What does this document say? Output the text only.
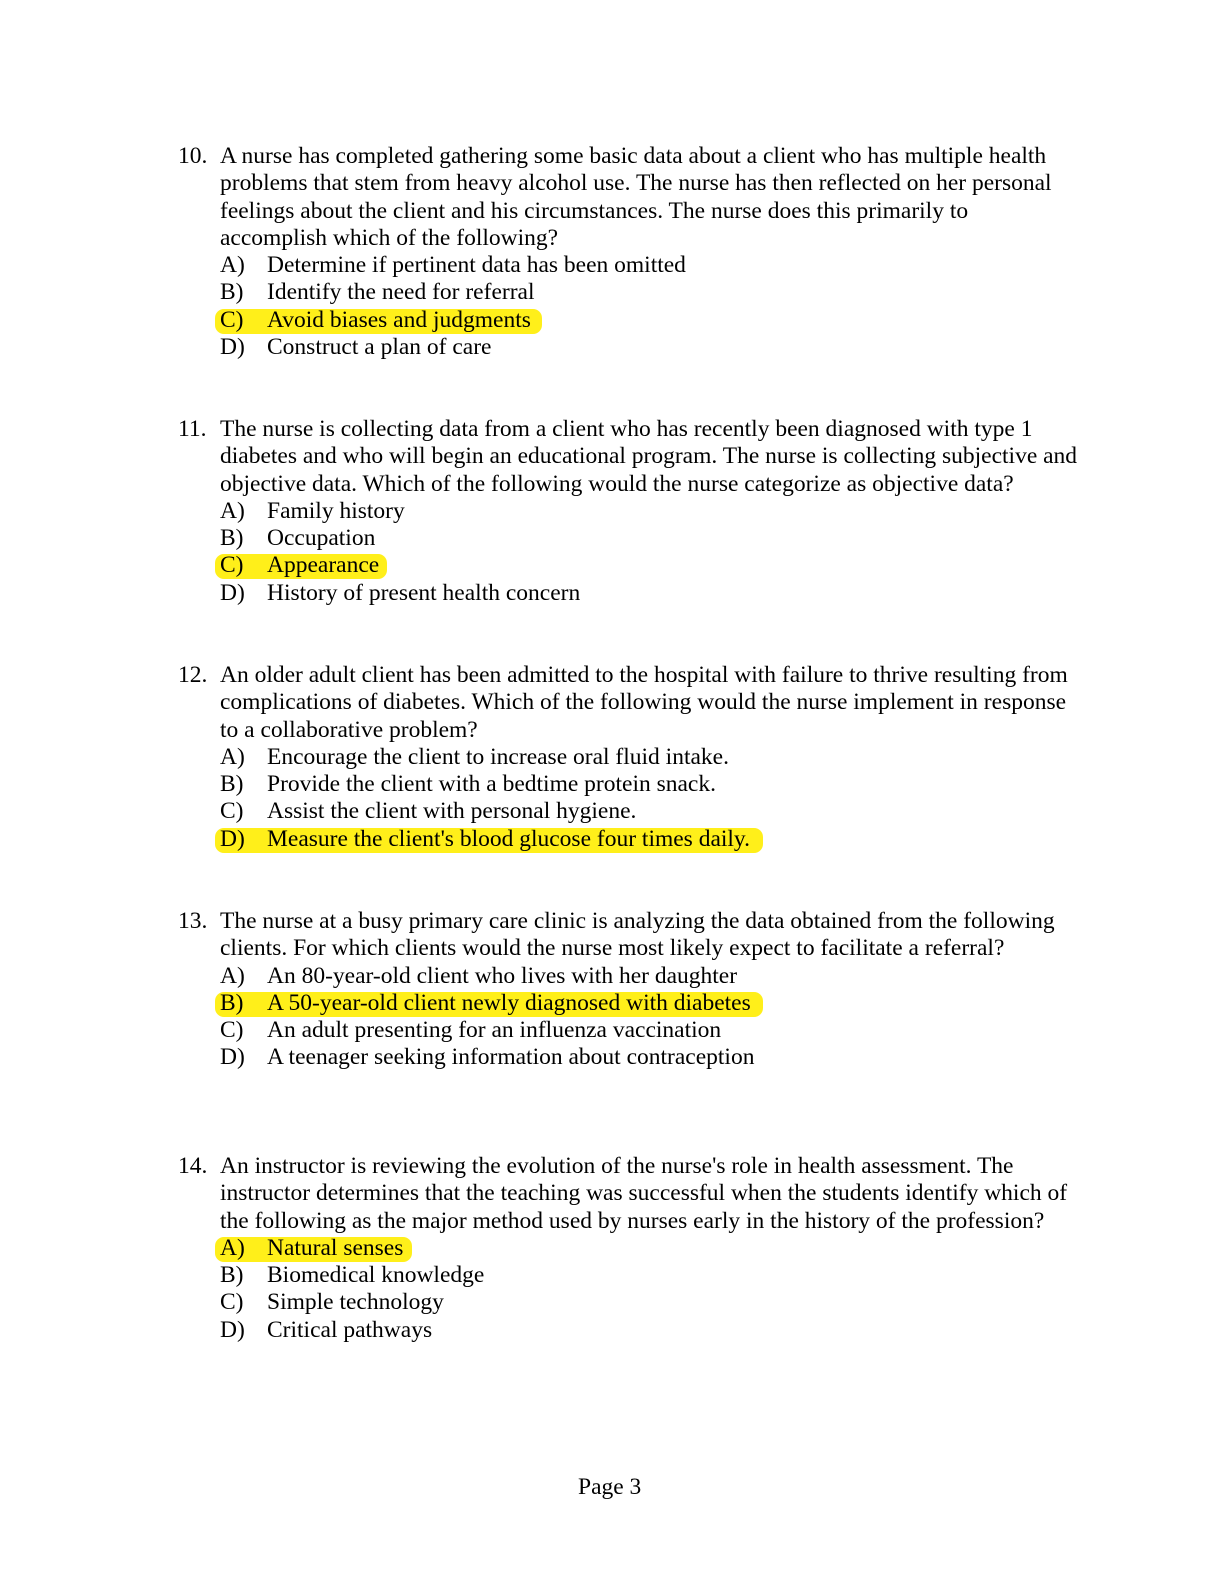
10. A nurse has completed gathering some basic data about a client who has multiple health problems that stem from heavy alcohol use. The nurse has then reflected on her personal feelings about the client and his circumstances. The nurse does this primarily to accomplish which of the following?
A) Determine if pertinent data has been omitted
B) Identify the need for referral
C) Avoid biases and judgments
D) Construct a plan of care
11. The nurse is collecting data from a client who has recently been diagnosed with type 1 diabetes and who will begin an educational program. The nurse is collecting subjective and objective data. Which of the following would the nurse categorize as objective data?
A) Family history
B) Occupation
C) Appearance
D) History of present health concern
12. An older adult client has been admitted to the hospital with failure to thrive resulting from complications of diabetes. Which of the following would the nurse implement in response to a collaborative problem?
A) Encourage the client to increase oral fluid intake.
B) Provide the client with a bedtime protein snack.
C) Assist the client with personal hygiene.
D) Measure the client's blood glucose four times daily.
13. The nurse at a busy primary care clinic is analyzing the data obtained from the following clients. For which clients would the nurse most likely expect to facilitate a referral?
A) An 80-year-old client who lives with her daughter
B) A 50-year-old client newly diagnosed with diabetes
C) An adult presenting for an influenza vaccination
D) A teenager seeking information about contraception
14. An instructor is reviewing the evolution of the nurse's role in health assessment. The instructor determines that the teaching was successful when the students identify which of the following as the major method used by nurses early in the history of the profession?
A) Natural senses
B) Biomedical knowledge
C) Simple technology
D) Critical pathways
Page 3
